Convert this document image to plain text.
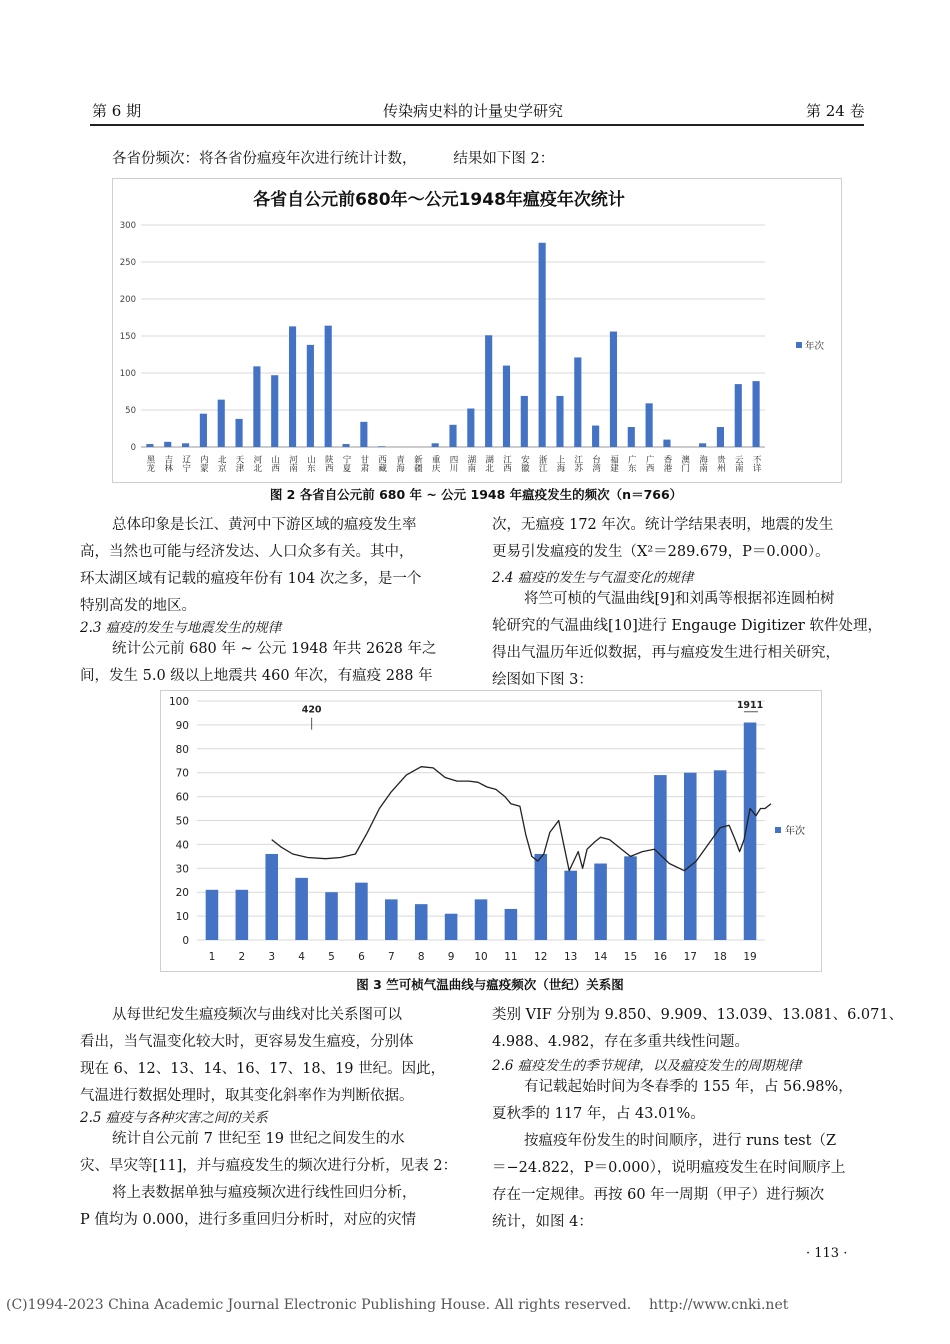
第 6 期	传染病史料的计量史学研究	第 24 卷
各省份频次：将各省份瘟疫年次进行统计计数，        结果如下图 2：
各省自公元前680年～公元1948年瘟疫年次统计
0
50
100
150
200
250
300
黑龙 吉林 辽宁 内蒙 北京 天津 河北 山西 河南 山东 陕西 宁夏 甘肃 西藏 青海 新疆 重庆 四川 湖南 湖北 江西 安徽 浙江 上海 江苏 台湾 福建 广东 广西 香港 澳门 海南 贵州 云南 不详
年次
图 2 各省自公元前 680 年 ~ 公元 1948 年瘟疫发生的频次（n＝766）
总体印象是长江、黄河中下游区域的瘟疫发生率
高，当然也可能与经济发达、人口众多有关。其中，
环太湖区域有记载的瘟疫年份有 104 次之多，是一个
特别高发的地区。
2.3 瘟疫的发生与地震发生的规律
统计公元前 680 年 ~ 公元 1948 年共 2628 年之
间，发生 5.0 级以上地震共 460 年次，有瘟疫 288 年
次，无瘟疫 172 年次。统计学结果表明，地震的发生
更易引发瘟疫的发生（X²＝289.679，P＝0.000）。
2.4 瘟疫的发生与气温变化的规律
将竺可桢的气温曲线[9]和刘禹等根据祁连圆柏树
轮研究的气温曲线[10]进行 Engauge Digitizer 软件处理，
得出气温历年近似数据，再与瘟疫发生进行相关研究，
绘图如下图 3：
0
10
20
30
40
50
60
70
80
90
100
1 2 3 4 5 6 7 8 9 10 11 12 13 14 15 16 17 18 19
420	1911
年次
图 3 竺可桢气温曲线与瘟疫频次（世纪）关系图
从每世纪发生瘟疫频次与曲线对比关系图可以
看出，当气温变化较大时，更容易发生瘟疫，分别体
现在 6、12、13、14、16、17、18、19 世纪。因此，
气温进行数据处理时，取其变化斜率作为判断依据。
2.5 瘟疫与各种灾害之间的关系
统计自公元前 7 世纪至 19 世纪之间发生的水
灾、旱灾等[11]，并与瘟疫发生的频次进行分析，见表 2：
将上表数据单独与瘟疫频次进行线性回归分析，
P 值均为 0.000，进行多重回归分析时，对应的灾情
类别 VIF 分别为 9.850、9.909、13.039、13.081、6.071、
4.988、4.982，存在多重共线性问题。
2.6 瘟疫发生的季节规律，以及瘟疫发生的周期规律
有记载起始时间为冬春季的 155 年，占 56.98%，
夏秋季的 117 年，占 43.01%。
按瘟疫年份发生的时间顺序，进行 runs test（Z
＝−24.822，P＝0.000），说明瘟疫发生在时间顺序上
存在一定规律。再按 60 年一周期（甲子）进行频次
统计，如图 4：
· 113 ·
(C)1994-2023 China Academic Journal Electronic Publishing House. All rights reserved.    http://www.cnki.net
